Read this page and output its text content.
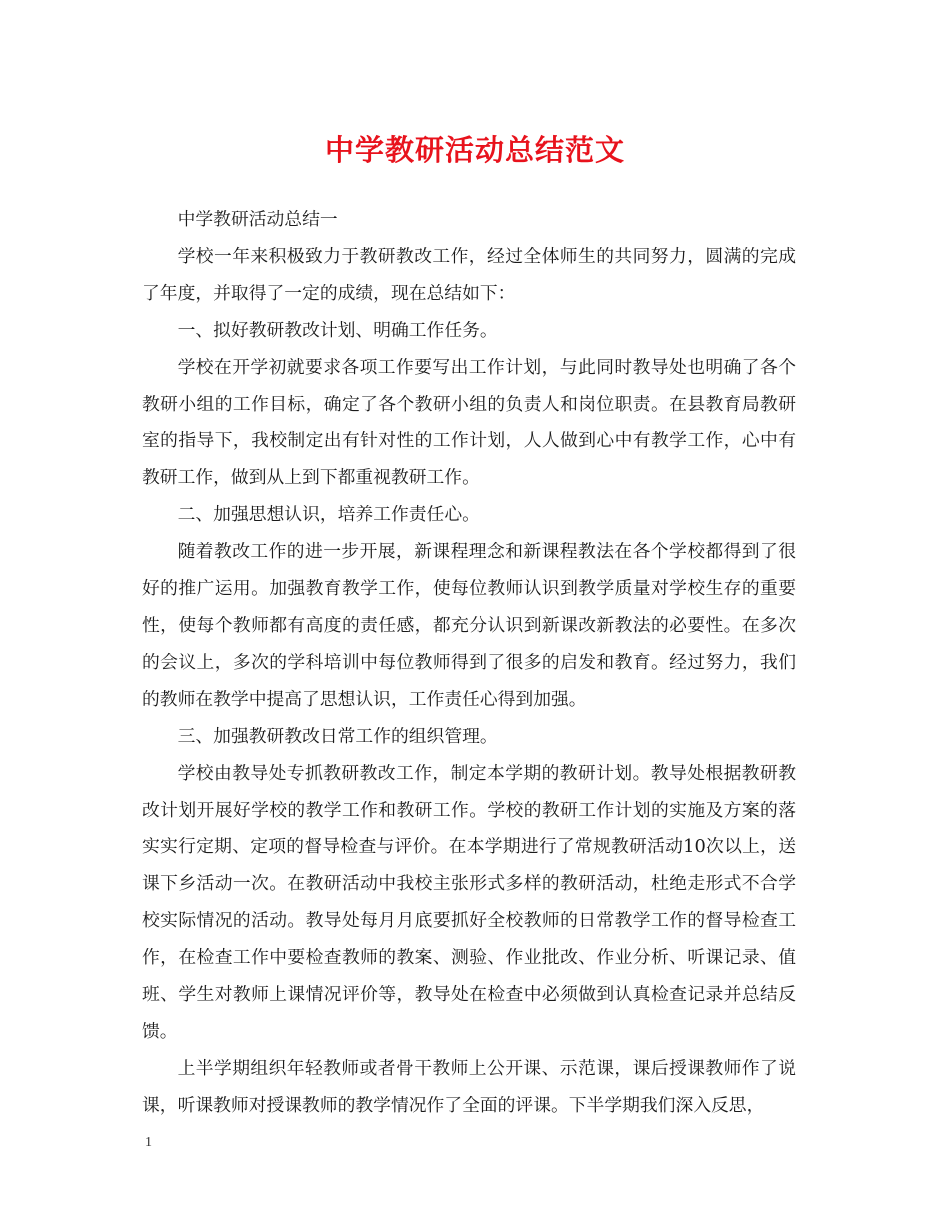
中学教研活动总结范文

中学教研活动总结一

学校一年来积极致力于教研教改工作，经过全体师生的共同努力，圆满的完成了年度，并取得了一定的成绩，现在总结如下：

一、拟好教研教改计划、明确工作任务。

学校在开学初就要求各项工作要写出工作计划，与此同时教导处也明确了各个教研小组的工作目标，确定了各个教研小组的负责人和岗位职责。在县教育局教研室的指导下，我校制定出有针对性的工作计划，人人做到心中有教学工作，心中有教研工作，做到从上到下都重视教研工作。

二、加强思想认识，培养工作责任心。

随着教改工作的进一步开展，新课程理念和新课程教法在各个学校都得到了很好的推广运用。加强教育教学工作，使每位教师认识到教学质量对学校生存的重要性，使每个教师都有高度的责任感，都充分认识到新课改新教法的必要性。在多次的会议上，多次的学科培训中每位教师得到了很多的启发和教育。经过努力，我们的教师在教学中提高了思想认识，工作责任心得到加强。

三、加强教研教改日常工作的组织管理。

学校由教导处专抓教研教改工作，制定本学期的教研计划。教导处根据教研教改计划开展好学校的教学工作和教研工作。学校的教研工作计划的实施及方案的落实实行定期、定项的督导检查与评价。在本学期进行了常规教研活动10次以上，送课下乡活动一次。在教研活动中我校主张形式多样的教研活动，杜绝走形式不合学校实际情况的活动。教导处每月月底要抓好全校教师的日常教学工作的督导检查工作，在检查工作中要检查教师的教案、测验、作业批改、作业分析、听课记录、值班、学生对教师上课情况评价等，教导处在检查中必须做到认真检查记录并总结反馈。

上半学期组织年轻教师或者骨干教师上公开课、示范课，课后授课教师作了说课，听课教师对授课教师的教学情况作了全面的评课。下半学期我们深入反思，

1
